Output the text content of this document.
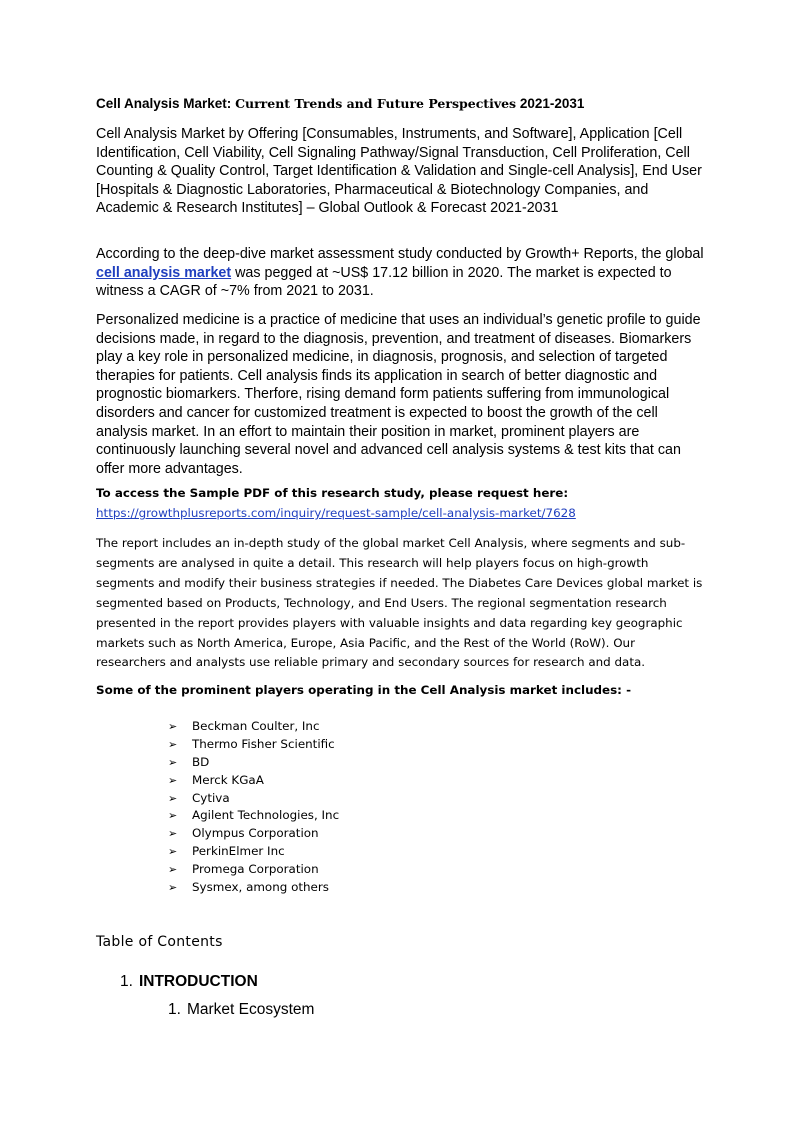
Cell Analysis Market: Current Trends and Future Perspectives 2021-2031
Cell Analysis Market by Offering [Consumables, Instruments, and Software], Application [Cell Identification, Cell Viability, Cell Signaling Pathway/Signal Transduction, Cell Proliferation, Cell Counting & Quality Control, Target Identification & Validation and Single-cell Analysis], End User [Hospitals & Diagnostic Laboratories, Pharmaceutical & Biotechnology Companies, and Academic & Research Institutes] – Global Outlook & Forecast 2021-2031
According to the deep-dive market assessment study conducted by Growth+ Reports, the global cell analysis market was pegged at ~US$ 17.12 billion in 2020. The market is expected to witness a CAGR of ~7% from 2021 to 2031.
Personalized medicine is a practice of medicine that uses an individual’s genetic profile to guide decisions made, in regard to the diagnosis, prevention, and treatment of diseases. Biomarkers play a key role in personalized medicine, in diagnosis, prognosis, and selection of targeted therapies for patients. Cell analysis finds its application in search of better diagnostic and prognostic biomarkers. Therfore, rising demand form patients suffering from immunological disorders and cancer for customized treatment is expected to boost the growth of the cell analysis market. In an effort to maintain their position in market, prominent players are continuously launching several novel and advanced cell analysis systems & test kits that can offer more advantages.
To access the Sample PDF of this research study, please request here:
https://growthplusreports.com/inquiry/request-sample/cell-analysis-market/7628
The report includes an in-depth study of the global market Cell Analysis, where segments and sub-segments are analysed in quite a detail. This research will help players focus on high-growth segments and modify their business strategies if needed. The Diabetes Care Devices global market is segmented based on Products, Technology, and End Users. The regional segmentation research presented in the report provides players with valuable insights and data regarding key geographic markets such as North America, Europe, Asia Pacific, and the Rest of the World (RoW). Our researchers and analysts use reliable primary and secondary sources for research and data.
Some of the prominent players operating in the Cell Analysis market includes: -
➢	Beckman Coulter, Inc
➢	Thermo Fisher Scientific
➢	BD
➢	Merck KGaA
➢	Cytiva
➢	Agilent Technologies, Inc
➢	Olympus Corporation
➢	PerkinElmer Inc
➢	Promega Corporation
➢	Sysmex, among others
Table of Contents
1. INTRODUCTION
1. Market Ecosystem
